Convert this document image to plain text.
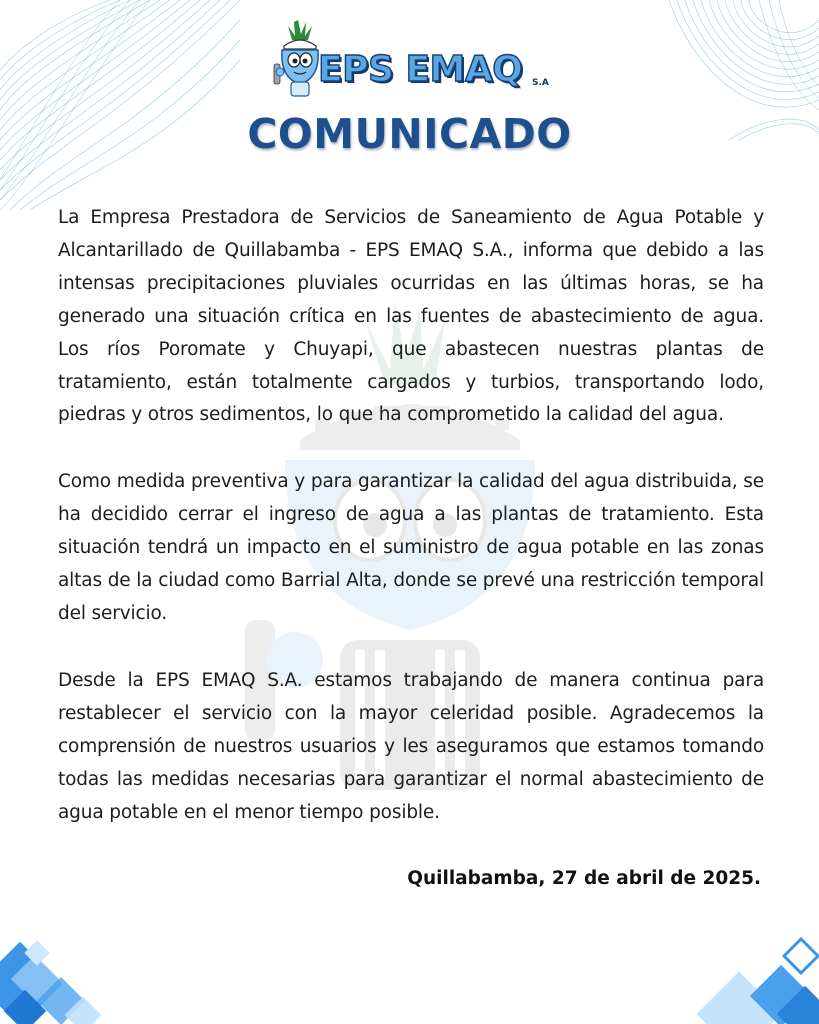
EPS EMAQ S.A
COMUNICADO

La Empresa Prestadora de Servicios de Saneamiento de Agua Potable y Alcantarillado de Quillabamba - EPS EMAQ S.A., informa que debido a las intensas precipitaciones pluviales ocurridas en las últimas horas, se ha generado una situación crítica en las fuentes de abastecimiento de agua. Los ríos Poromate y Chuyapi, que abastecen nuestras plantas de tratamiento, están totalmente cargados y turbios, transportando lodo, piedras y otros sedimentos, lo que ha comprometido la calidad del agua.

Como medida preventiva y para garantizar la calidad del agua distribuida, se ha decidido cerrar el ingreso de agua a las plantas de tratamiento. Esta situación tendrá un impacto en el suministro de agua potable en las zonas altas de la ciudad como Barrial Alta, donde se prevé una restricción temporal del servicio.

Desde la EPS EMAQ S.A. estamos trabajando de manera continua para restablecer el servicio con la mayor celeridad posible. Agradecemos la comprensión de nuestros usuarios y les aseguramos que estamos tomando todas las medidas necesarias para garantizar el normal abastecimiento de agua potable en el menor tiempo posible.

Quillabamba, 27 de abril de 2025.
